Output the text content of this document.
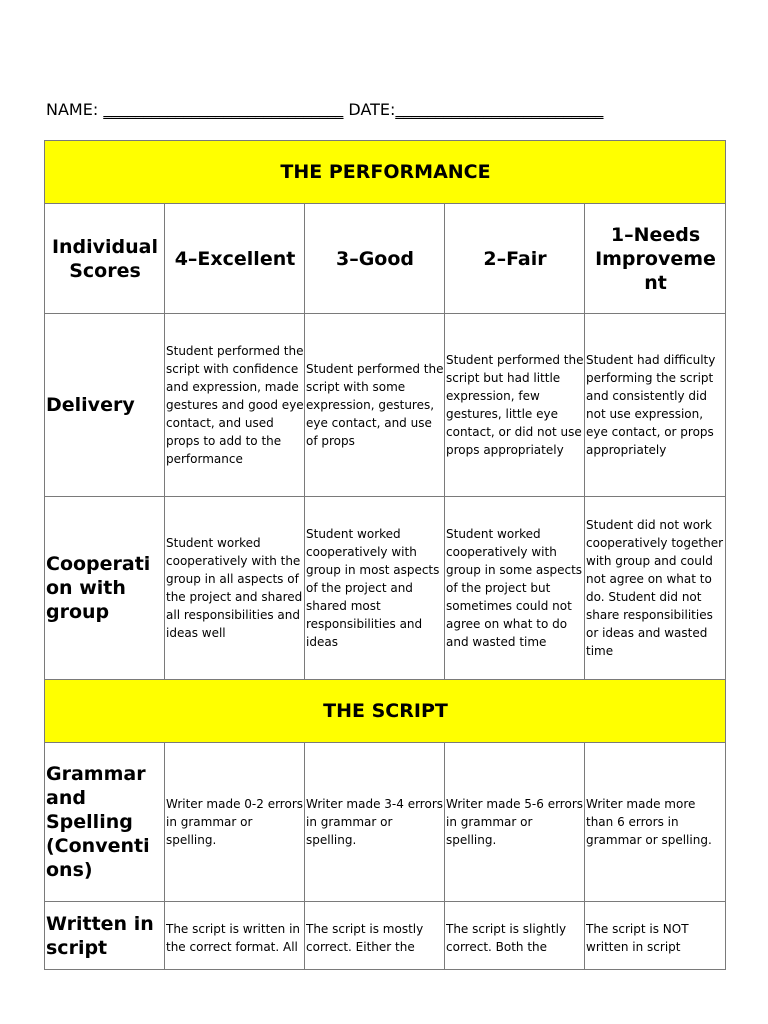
NAME: ______________________________ DATE:__________________________
THE PERFORMANCE				
Individual Scores	4–Excellent	3–Good	2–Fair	1–Needs Improveme nt
Delivery	Student performed the script with confidence and expression, made gestures and good eye contact, and used props to add to the performance	Student performed the script with some expression, gestures, eye contact, and use of props	Student performed the script but had little expression, few gestures, little eye contact, or did not use props appropriately	Student had difficulty performing the script and consistently did not use expression, eye contact, or props appropriately
Cooperati on with group	Student worked cooperatively with the group in all aspects of the project and shared all responsibilities and ideas well	Student worked cooperatively with group in most aspects of the project and shared most responsibilities and ideas	Student worked cooperatively with group in some aspects of the project but sometimes could not agree on what to do and wasted time	Student did not work cooperatively together with group and could not agree on what to do. Student did not share responsibilities or ideas and wasted time
THE SCRIPT				
Grammar and Spelling (Conventi ons)	Writer made 0-2 errors in grammar or spelling.	Writer made 3-4 errors in grammar or spelling.	Writer made 5-6 errors in grammar or spelling.	Writer made more than 6 errors in grammar or spelling.
Written in script	The script is written in the correct format. All	The script is mostly correct. Either the	The script is slightly correct. Both the	The script is NOT written in script
